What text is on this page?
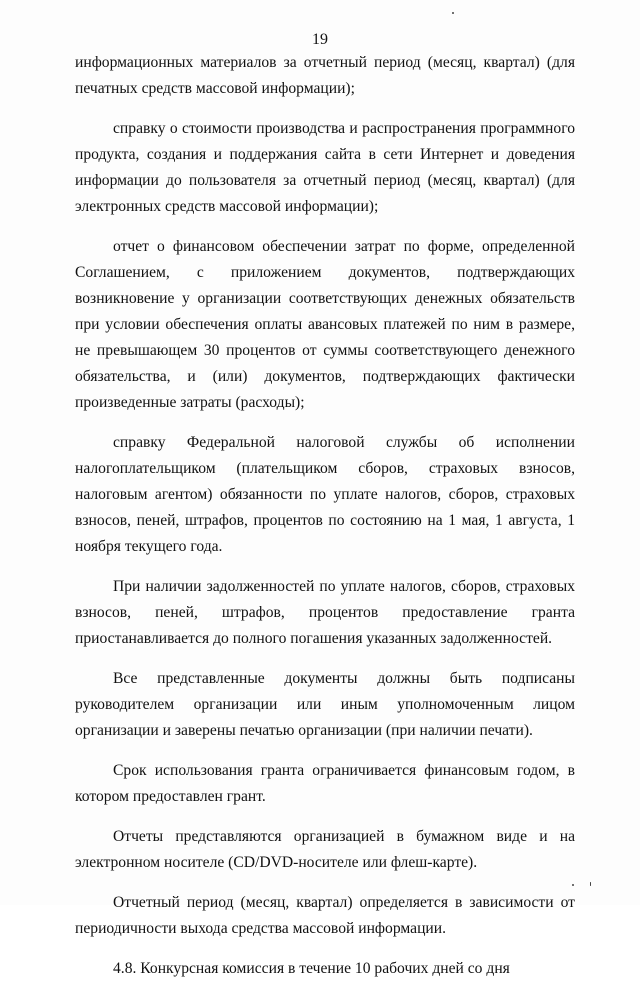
19

информационных материалов за отчетный период (месяц, квартал) (для печатных средств массовой информации);

справку о стоимости производства и распространения программного продукта, создания и поддержания сайта в сети Интернет и доведения информации до пользователя за отчетный период (месяц, квартал) (для электронных средств массовой информации);

отчет о финансовом обеспечении затрат по форме, определенной Соглашением, с приложением документов, подтверждающих возникновение у организации соответствующих денежных обязательств при условии обеспечения оплаты авансовых платежей по ним в размере, не превышающем 30 процентов от суммы соответствующего денежного обязательства, и (или) документов, подтверждающих фактически произведенные затраты (расходы);

справку Федеральной налоговой службы об исполнении налогоплательщиком (плательщиком сборов, страховых взносов, налоговым агентом) обязанности по уплате налогов, сборов, страховых взносов, пеней, штрафов, процентов по состоянию на 1 мая, 1 августа, 1 ноября текущего года.

При наличии задолженностей по уплате налогов, сборов, страховых взносов, пеней, штрафов, процентов предоставление гранта приостанавливается до полного погашения указанных задолженностей.

Все представленные документы должны быть подписаны руководителем организации или иным уполномоченным лицом организации и заверены печатью организации (при наличии печати).

Срок использования гранта ограничивается финансовым годом, в котором предоставлен грант.

Отчеты представляются организацией в бумажном виде и на электронном носителе (CD/DVD-носителе или флеш-карте).

Отчетный период (месяц, квартал) определяется в зависимости от периодичности выхода средства массовой информации.

4.8. Конкурсная комиссия в течение 10 рабочих дней со дня
